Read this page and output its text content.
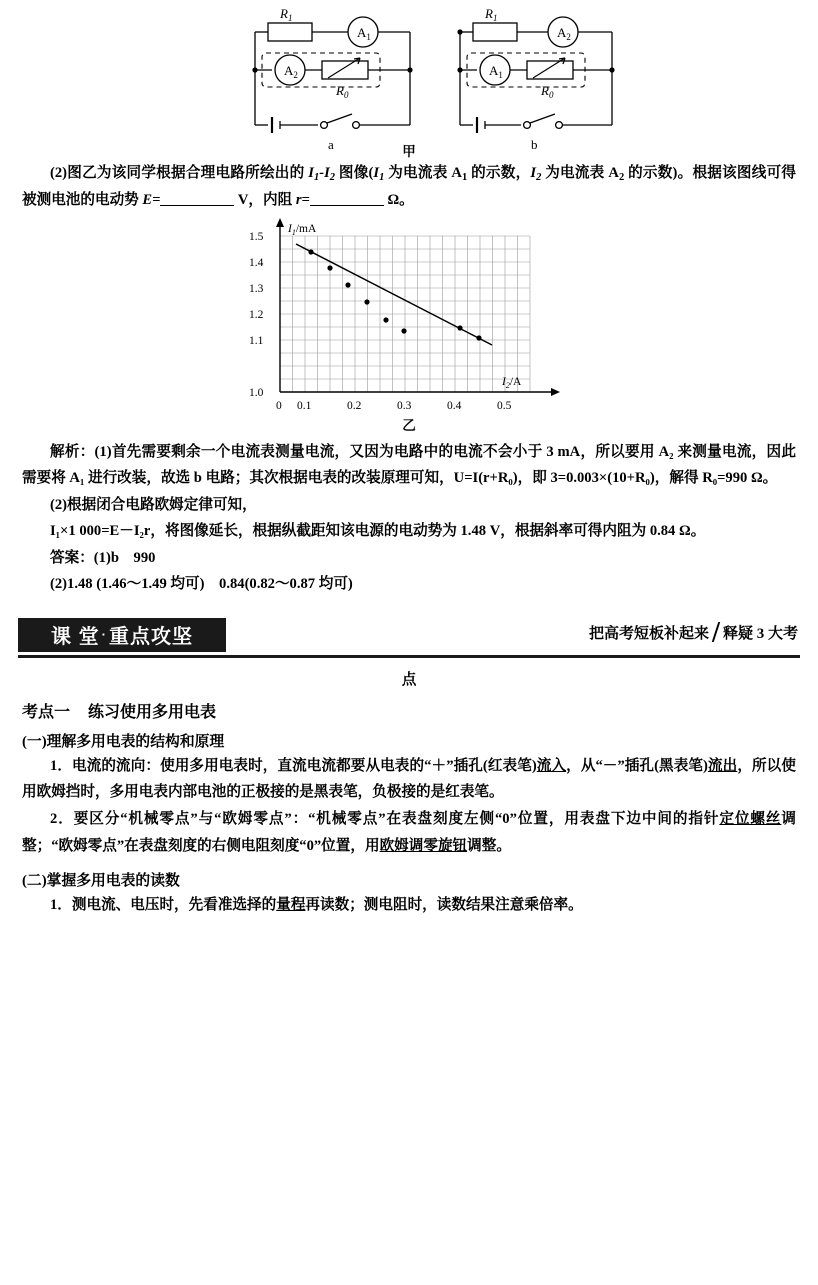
$R_1$
$A_1$
$A_2$
$R_0$
a
$R_1$
$A_2$
$A_1$
$R_0$
b
甲

(2)图乙为该同学根据合理电路所绘出的 $I_1-I_2$ 图像($I_1$ 为电流表 $A_1$ 的示数，$I_2$ 为电流表 $A_2$ 的示数)。根据该图线可得被测电池的电动势 E=	V，内阻 r=	Ω。

1.5
1.4
1.3
1.2
1.1
1.0
0 0.1	0.2	0.3	0.4	0.5
$I_1/mA$
$I_2/A$
乙

解析：(1)首先需要剩余一个电流表测量电流，又因为电路中的电流不会小于 3 mA，所以要用 A₂ 来测量电流，因此需要将 A₁ 进行改装，故选 b 电路；其次根据电表的改装原理可知，U=I(r+R₀)，即 3=0.003×(10+R₀)，解得 R₀=990 Ω。

(2)根据闭合电路欧姆定律可知，

I₁×1 000=E－I₂r，将图像延长，根据纵截距知该电源的电动势为 1.48 V，根据斜率可得内阻为 0.84 Ω。

答案：(1)b　990

(2)1.48 (1.46～1.49 均可)　0.84(0.82～0.87 均可)

课 堂 · 重点攻坚	把高考短板补起来 释疑 3 大考
点
考点一 练习使用多用电表

(一)理解多用电表的结构和原理

1．电流的流向：使用多用电表时，直流电流都要从电表的“＋”插孔(红表笔)流入，从“－”插孔(黑表笔)流出，所以使用欧姆挡时，多用电表内部电池的正极接的是黑表笔，负极接的是红表笔。

2．要区分“机械零点”与“欧姆零点”：“机械零点”在表盘刻度左侧“0”位置，用表盘下边中间的指针定位螺丝调整；“欧姆零点”在表盘刻度的右侧电阻刻度“0”位置，用欧姆调零旋钮调整。

(二)掌握多用电表的读数

1．测电流、电压时，先看准选择的量程再读数；测电阻时，读数结果注意乘倍率。
